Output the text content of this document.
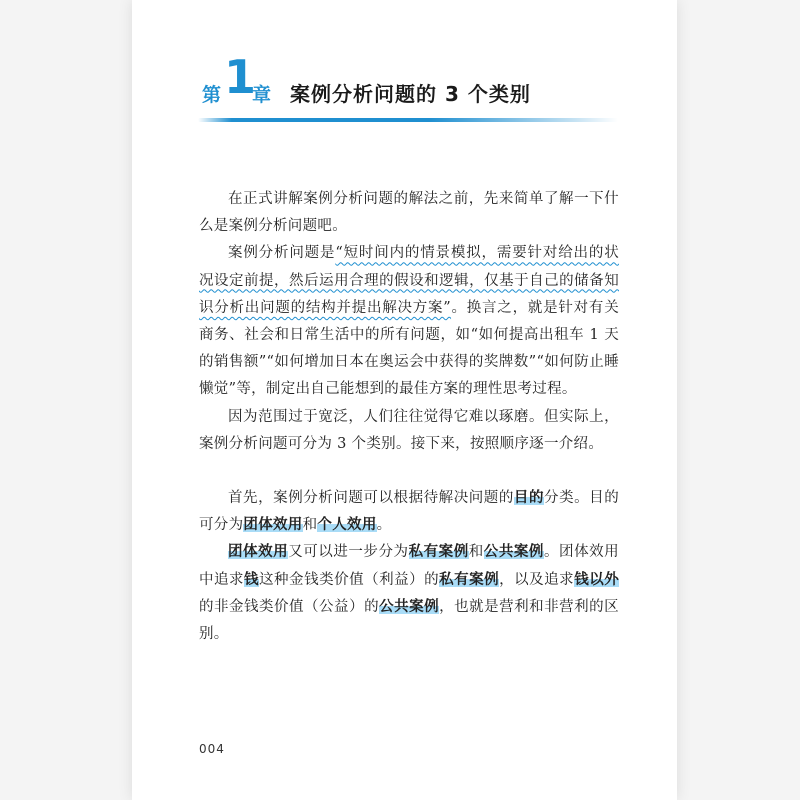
第 1
章 案例分析问题的 3 个类别

在正式讲解案例分析问题的解法之前，先来简单了解一下什么是案例分析问题吧。

案例分析问题是“短时间内的情景模拟，需要针对给出的状况设定前提，然后运用合理的假设和逻辑，仅基于自己的储备知识分析出问题的结构并提出解决方案”。换言之，就是针对有关商务、社会和日常生活中的所有问题，如“如何提高出租车 1 天的销售额”“如何增加日本在奥运会中获得的奖牌数”“如何防止睡懒觉”等，制定出自己能想到的最佳方案的理性思考过程。

因为范围过于宽泛，人们往往觉得它难以琢磨。但实际上，案例分析问题可分为 3 个类别。接下来，按照顺序逐一介绍。

首先，案例分析问题可以根据待解决问题的目的分类。目的可分为团体效用和个人效用。

团体效用又可以进一步分为私有案例和公共案例。团体效用中追求钱这种金钱类价值（利益）的私有案例，以及追求钱以外的非金钱类价值（公益）的公共案例，也就是营利和非营利的区别。

004
